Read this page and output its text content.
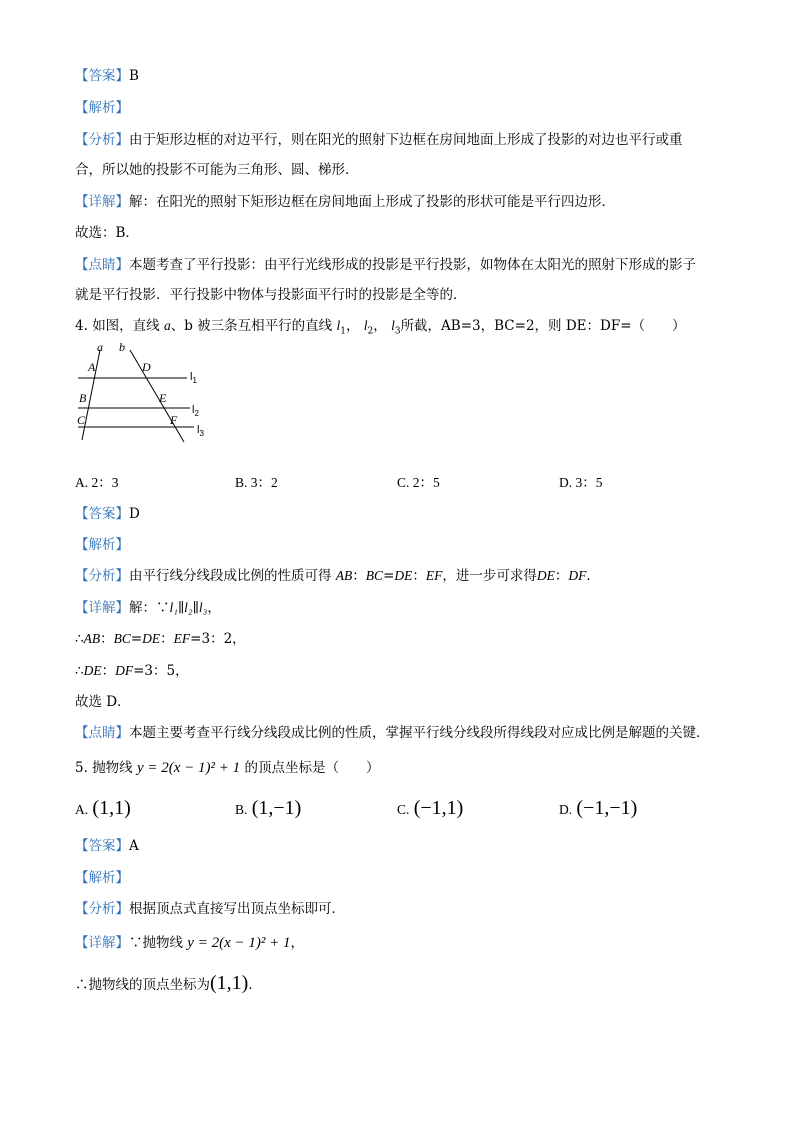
【答案】B
【解析】
【分析】由于矩形边框的对边平行，则在阳光的照射下边框在房间地面上形成了投影的对边也平行或重
合，所以她的投影不可能为三角形、圆、梯形．
【详解】解：在阳光的照射下矩形边框在房间地面上形成了投影的形状可能是平行四边形．
故选：B．
【点睛】本题考查了平行投影：由平行光线形成的投影是平行投影，如物体在太阳光的照射下形成的影子
就是平行投影．平行投影中物体与投影面平行时的投影是全等的．
4. 如图，直线 a、b 被三条互相平行的直线 $l_1$， $l_2$， $l_3$所截，AB=3，BC=2，则 DE：DF=（　　）
a b
A	D
B	E
C	F
$l_1$
$l_2$
$l_3$
A. 2：3	B. 3：2	C. 2：5	D. 3：5
【答案】D
【解析】
【分析】由平行线分线段成比例的性质可得 AB：BC=DE：EF，进一步可求得DE：DF．
【详解】解：∵l₁∥l₂∥l₃，
∴AB：BC=DE：EF=3：2，
∴DE：DF=3：5，
故选 D．
【点睛】本题主要考查平行线分线段成比例的性质，掌握平行线分线段所得线段对应成比例是解题的关键．
5. 抛物线 y = 2(x − 1)² + 1 的顶点坐标是（　　）
A. (1,1)	B. (1,−1)	C. (−1,1)	D. (−1,−1)
【答案】A
【解析】
【分析】根据顶点式直接写出顶点坐标即可．
【详解】∵抛物线 y = 2(x − 1)² + 1，
∴抛物线的顶点坐标为(1,1)．
